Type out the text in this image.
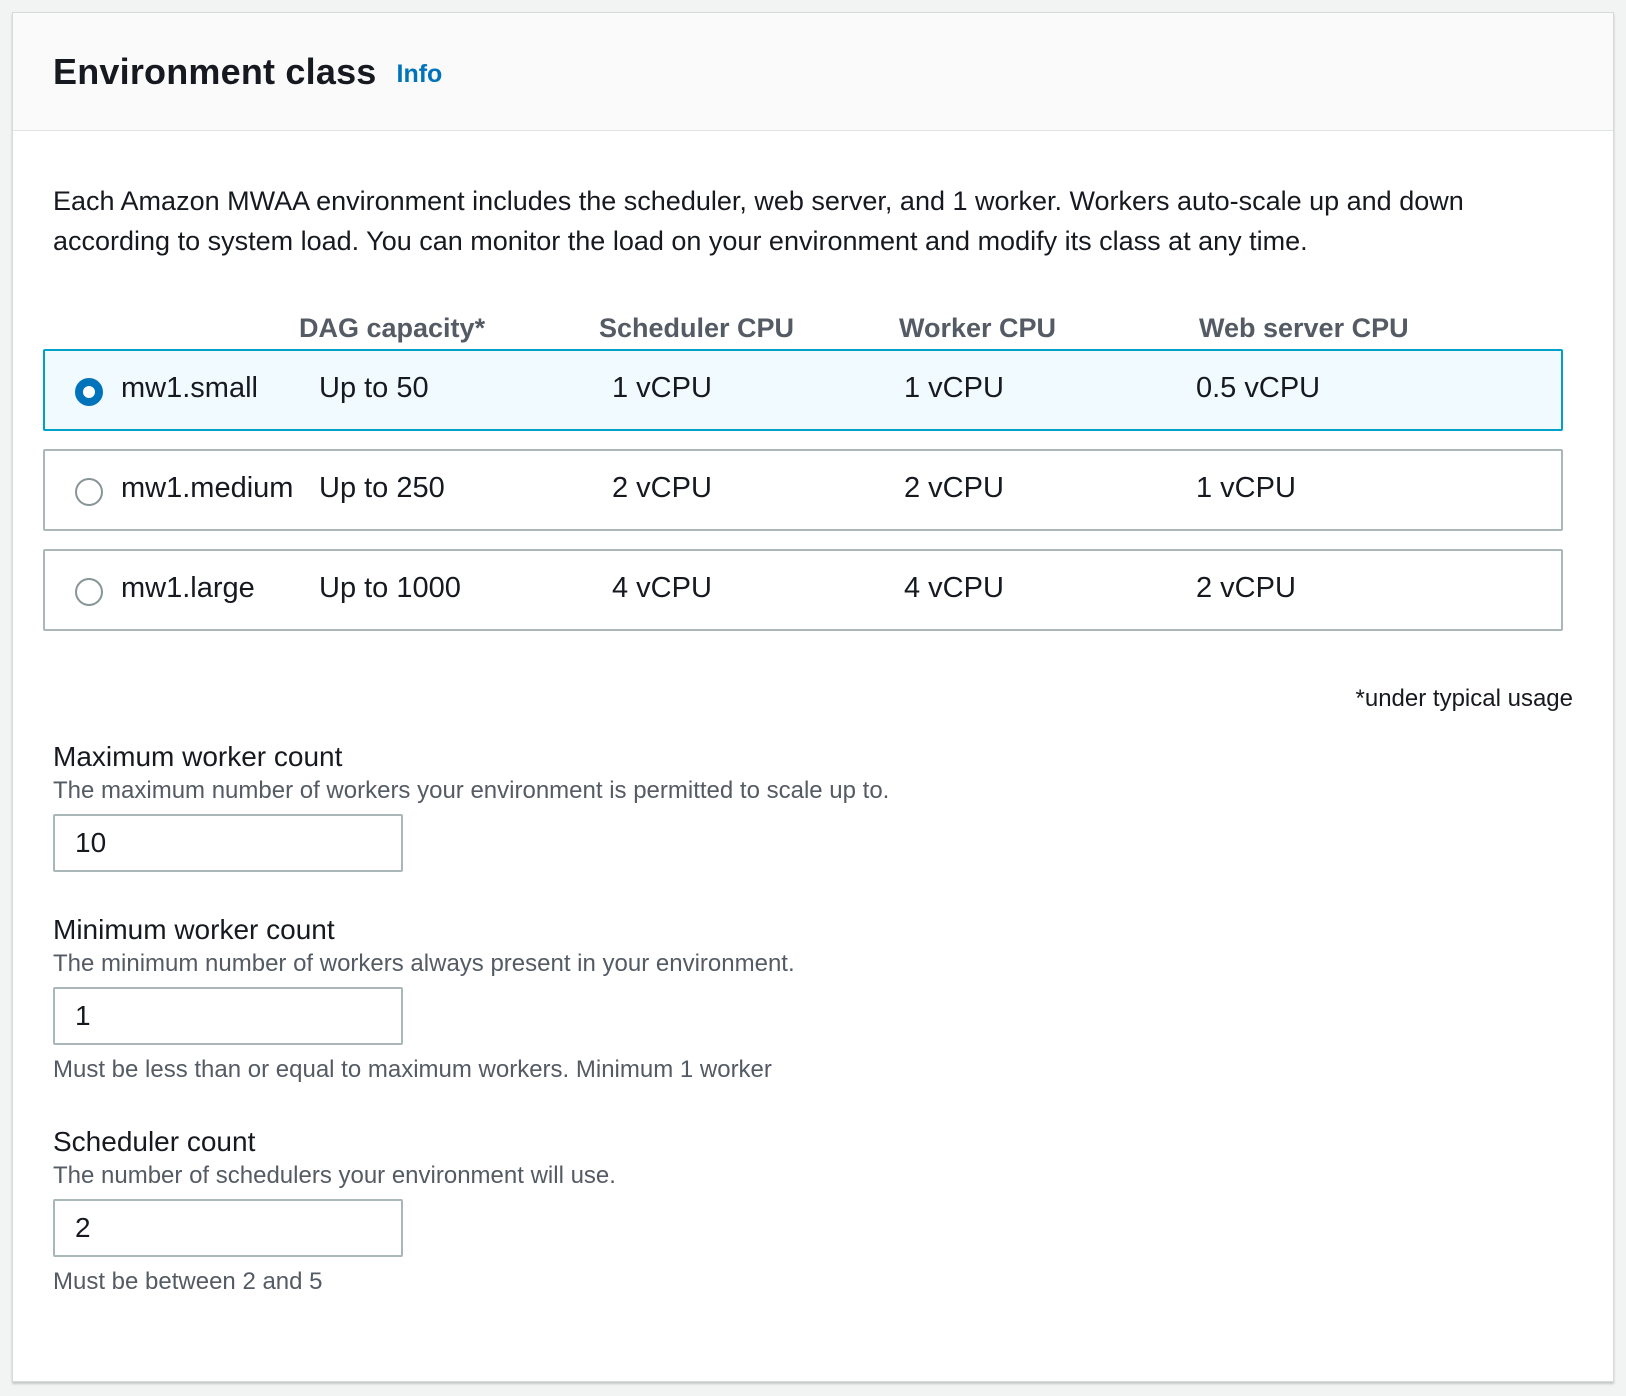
Environment class Info

Each Amazon MWAA environment includes the scheduler, web server, and 1 worker. Workers auto-scale up and down according to system load. You can monitor the load on your environment and modify its class at any time.

DAG capacity*	Scheduler CPU	Worker CPU	Web server CPU
mw1.small Up to 50	1 vCPU	1 vCPU	0.5 vCPU
mw1.medium Up to 250	2 vCPU	2 vCPU	1 vCPU
mw1.large Up to 1000	4 vCPU	4 vCPU	2 vCPU
*under typical usage
Maximum worker count
The maximum number of workers your environment is permitted to scale up to.
10
Minimum worker count
The minimum number of workers always present in your environment.
1
Must be less than or equal to maximum workers. Minimum 1 worker
Scheduler count
The number of schedulers your environment will use.
2
Must be between 2 and 5
